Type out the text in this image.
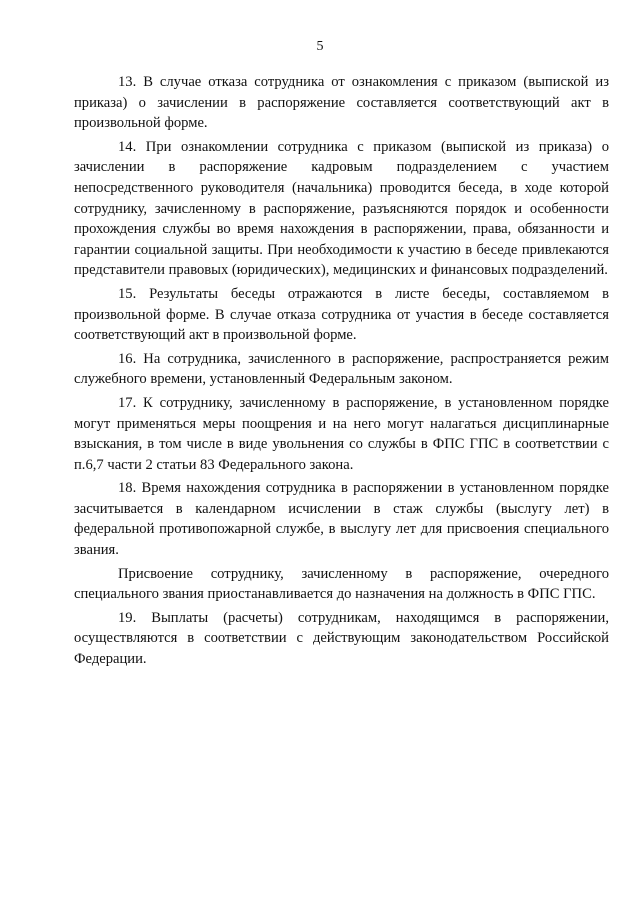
5

13. В случае отказа сотрудника от ознакомления с приказом (выпиской из приказа) о зачислении в распоряжение составляется соответствующий акт в произвольной форме.

14. При ознакомлении сотрудника с приказом (выпиской из приказа) о зачислении в распоряжение кадровым подразделением с участием непосредственного руководителя (начальника) проводится беседа, в ходе которой сотруднику, зачисленному в распоряжение, разъясняются порядок и особенности прохождения службы во время нахождения в распоряжении, права, обязанности и гарантии социальной защиты. При необходимости к участию в беседе привлекаются представители правовых (юридических), медицинских и финансовых подразделений.

15. Результаты беседы отражаются в листе беседы, составляемом в произвольной форме. В случае отказа сотрудника от участия в беседе составляется соответствующий акт в произвольной форме.

16. На сотрудника, зачисленного в распоряжение, распространяется режим служебного времени, установленный Федеральным законом.

17. К сотруднику, зачисленному в распоряжение, в установленном порядке могут применяться меры поощрения и на него могут налагаться дисциплинарные взыскания, в том числе в виде увольнения со службы в ФПС ГПС в соответствии с п.6,7 части 2 статьи 83 Федерального закона.

18. Время нахождения сотрудника в распоряжении в установленном порядке засчитывается в календарном исчислении в стаж службы (выслугу лет) в федеральной противопожарной службе, в выслугу лет для присвоения специального звания.

Присвоение сотруднику, зачисленному в распоряжение, очередного специального звания приостанавливается до назначения на должность в ФПС ГПС.

19. Выплаты (расчеты) сотрудникам, находящимся в распоряжении, осуществляются в соответствии с действующим законодательством Российской Федерации.
